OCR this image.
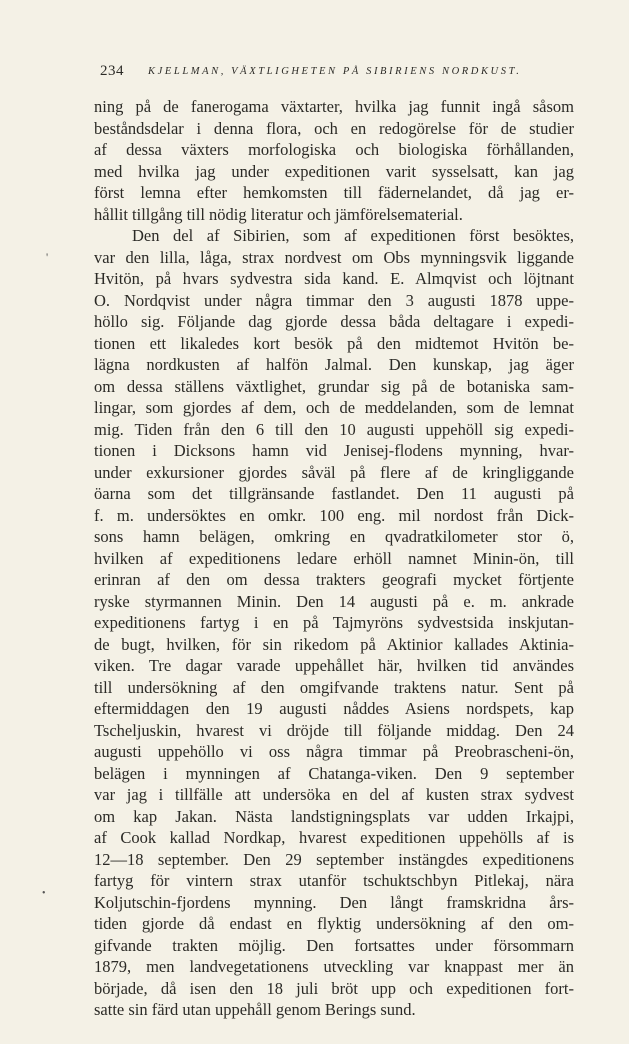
234 KJELLMAN, VÄXTLIGHETEN PÅ SIBIRIENS NORDKUST.
'
•
ning på de fanerogama växtarter, hvilka jag funnit ingå såsom
beståndsdelar i denna flora, och en redogörelse för de studier
af dessa växters morfologiska och biologiska förhållanden,
med hvilka jag under expeditionen varit sysselsatt, kan jag
först lemna efter hemkomsten till fädernelandet, då jag er-
hållit tillgång till nödig literatur och jämförelsematerial.
Den del af Sibirien, som af expeditionen först besöktes,
var den lilla, låga, strax nordvest om Obs mynningsvik liggande
Hvitön, på hvars sydvestra sida kand. E. Almqvist och löjtnant
O. Nordqvist under några timmar den 3 augusti 1878 uppe-
höllo sig. Följande dag gjorde dessa båda deltagare i expedi-
tionen ett likaledes kort besök på den midtemot Hvitön be-
lägna nordkusten af halfön Jalmal. Den kunskap, jag äger
om dessa ställens växtlighet, grundar sig på de botaniska sam-
lingar, som gjordes af dem, och de meddelanden, som de lemnat
mig. Tiden från den 6 till den 10 augusti uppehöll sig expedi-
tionen i Dicksons hamn vid Jenisej-flodens mynning, hvar-
under exkursioner gjordes såväl på flere af de kringliggande
öarna som det tillgränsande fastlandet. Den 11 augusti på
f. m. undersöktes en omkr. 100 eng. mil nordost från Dick-
sons hamn belägen, omkring en qvadratkilometer stor ö,
hvilken af expeditionens ledare erhöll namnet Minin-ön, till
erinran af den om dessa trakters geografi mycket förtjente
ryske styrmannen Minin. Den 14 augusti på e. m. ankrade
expeditionens fartyg i en på Tajmyröns sydvestsida inskjutan-
de bugt, hvilken, för sin rikedom på Aktinior kallades Aktinia-
viken. Tre dagar varade uppehållet här, hvilken tid användes
till undersökning af den omgifvande traktens natur. Sent på
eftermiddagen den 19 augusti nåddes Asiens nordspets, kap
Tscheljuskin, hvarest vi dröjde till följande middag. Den 24
augusti uppehöllo vi oss några timmar på Preobrascheni-ön,
belägen i mynningen af Chatanga-viken. Den 9 september
var jag i tillfälle att undersöka en del af kusten strax sydvest
om kap Jakan. Nästa landstigningsplats var udden Irkajpi,
af Cook kallad Nordkap, hvarest expeditionen uppehölls af is
12—18 september. Den 29 september instängdes expeditionens
fartyg för vintern strax utanför tschuktschbyn Pitlekaj, nära
Koljutschin-fjordens mynning. Den långt framskridna års-
tiden gjorde då endast en flyktig undersökning af den om-
gifvande trakten möjlig. Den fortsattes under försommarn
1879, men landvegetationens utveckling var knappast mer än
började, då isen den 18 juli bröt upp och expeditionen fort-
satte sin färd utan uppehåll genom Berings sund.
